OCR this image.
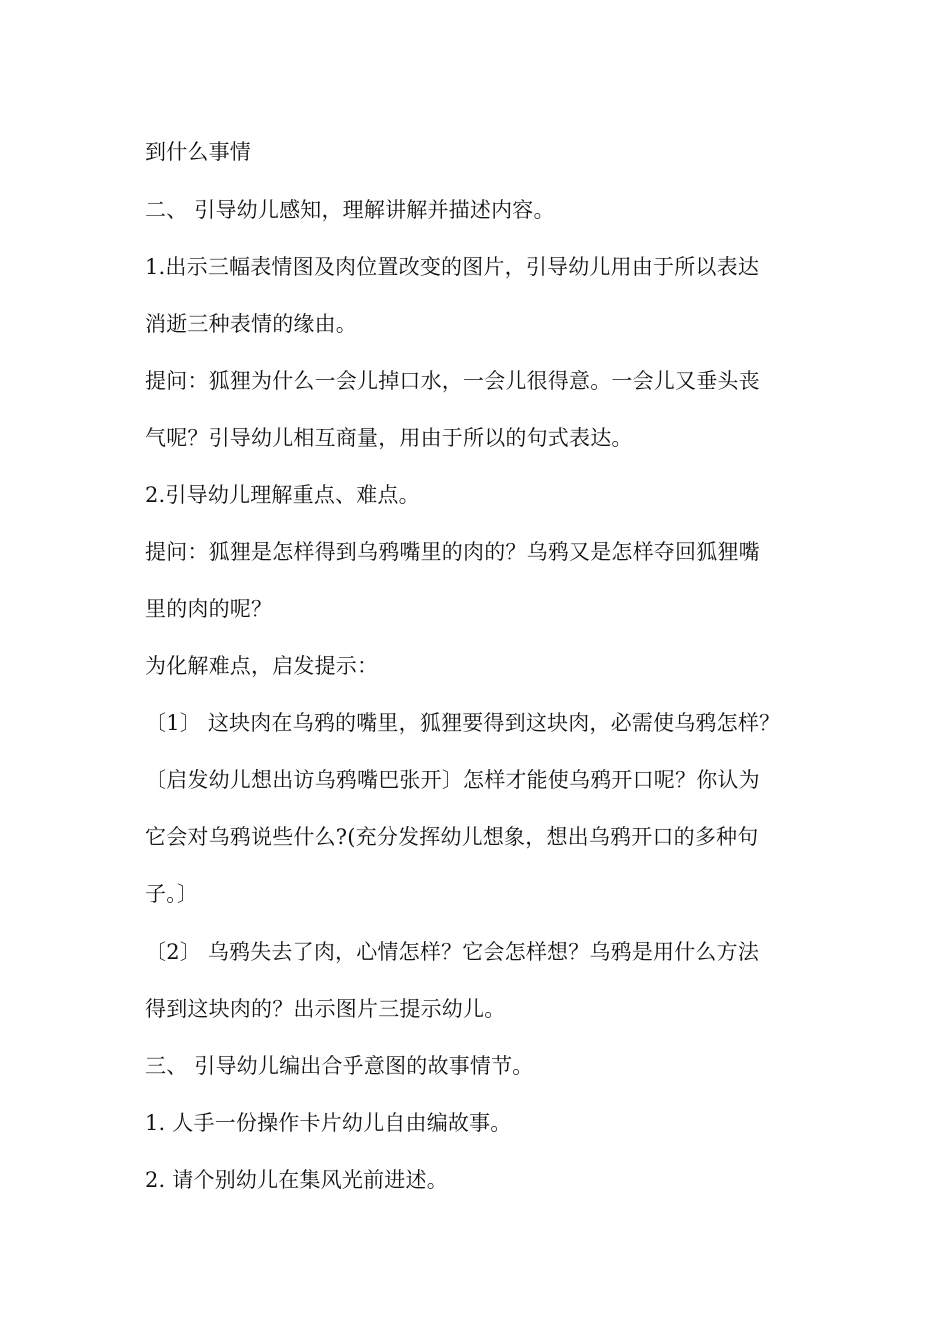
到什么事情
二、 引导幼儿感知，理解讲解并描述内容。
1.出示三幅表情图及肉位置改变的图片，引导幼儿用由于所以表达
消逝三种表情的缘由。
提问：狐狸为什么一会儿掉口水，一会儿很得意。一会儿又垂头丧
气呢？引导幼儿相互商量，用由于所以的句式表达。
2.引导幼儿理解重点、难点。
提问：狐狸是怎样得到乌鸦嘴里的肉的？乌鸦又是怎样夺回狐狸嘴
里的肉的呢？
为化解难点，启发提示：
〔1〕 这块肉在乌鸦的嘴里，狐狸要得到这块肉，必需使乌鸦怎样？
〔启发幼儿想出访乌鸦嘴巴张开〕怎样才能使乌鸦开口呢？你认为
它会对乌鸦说些什么?(充分发挥幼儿想象，想出乌鸦开口的多种句
子。〕
〔2〕 乌鸦失去了肉，心情怎样？它会怎样想？乌鸦是用什么方法
得到这块肉的？出示图片三提示幼儿。
三、 引导幼儿编出合乎意图的故事情节。
1. 人手一份操作卡片幼儿自由编故事。
2. 请个别幼儿在集风光前进述。
